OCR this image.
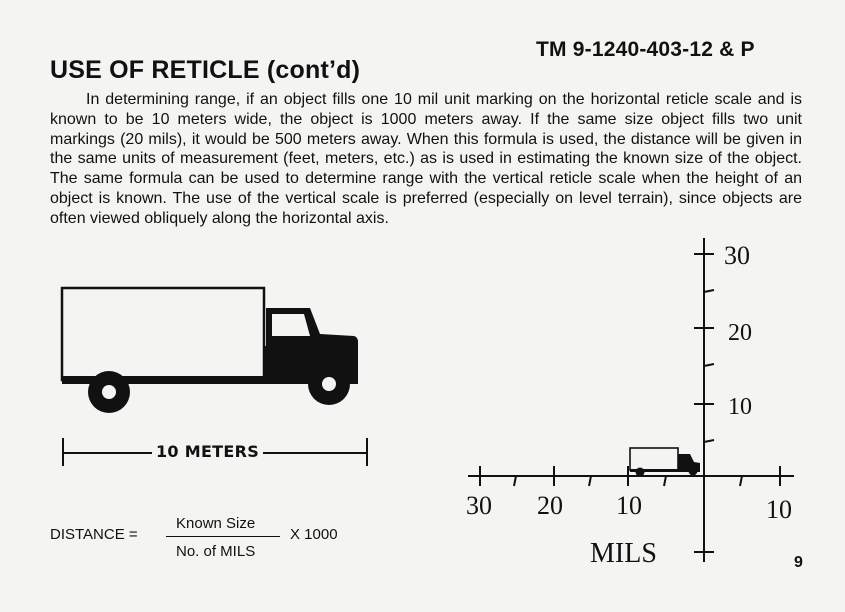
TM 9-1240-403-12 & P
USE OF RETICLE (cont’d)

In determining range, if an object fills one 10 mil unit marking on the horizontal reticle scale and is known to be 10 meters wide, the object is 1000 meters away. If the same size object fills two unit markings (20 mils), it would be 500 meters away. When this formula is used, the distance will be given in the same units of measurement (feet, meters, etc.) as is used in estimating the known size of the object. The same formula can be used to determine range with the vertical reticle scale when the height of an object is known. The use of the vertical scale is preferred (especially on level terrain), since objects are often viewed obliquely along the horizontal axis.

10 METERS
DISTANCE =
Known Size
No. of MILS
X 1000
30
20
10
30 20 10	10
MILS	9
